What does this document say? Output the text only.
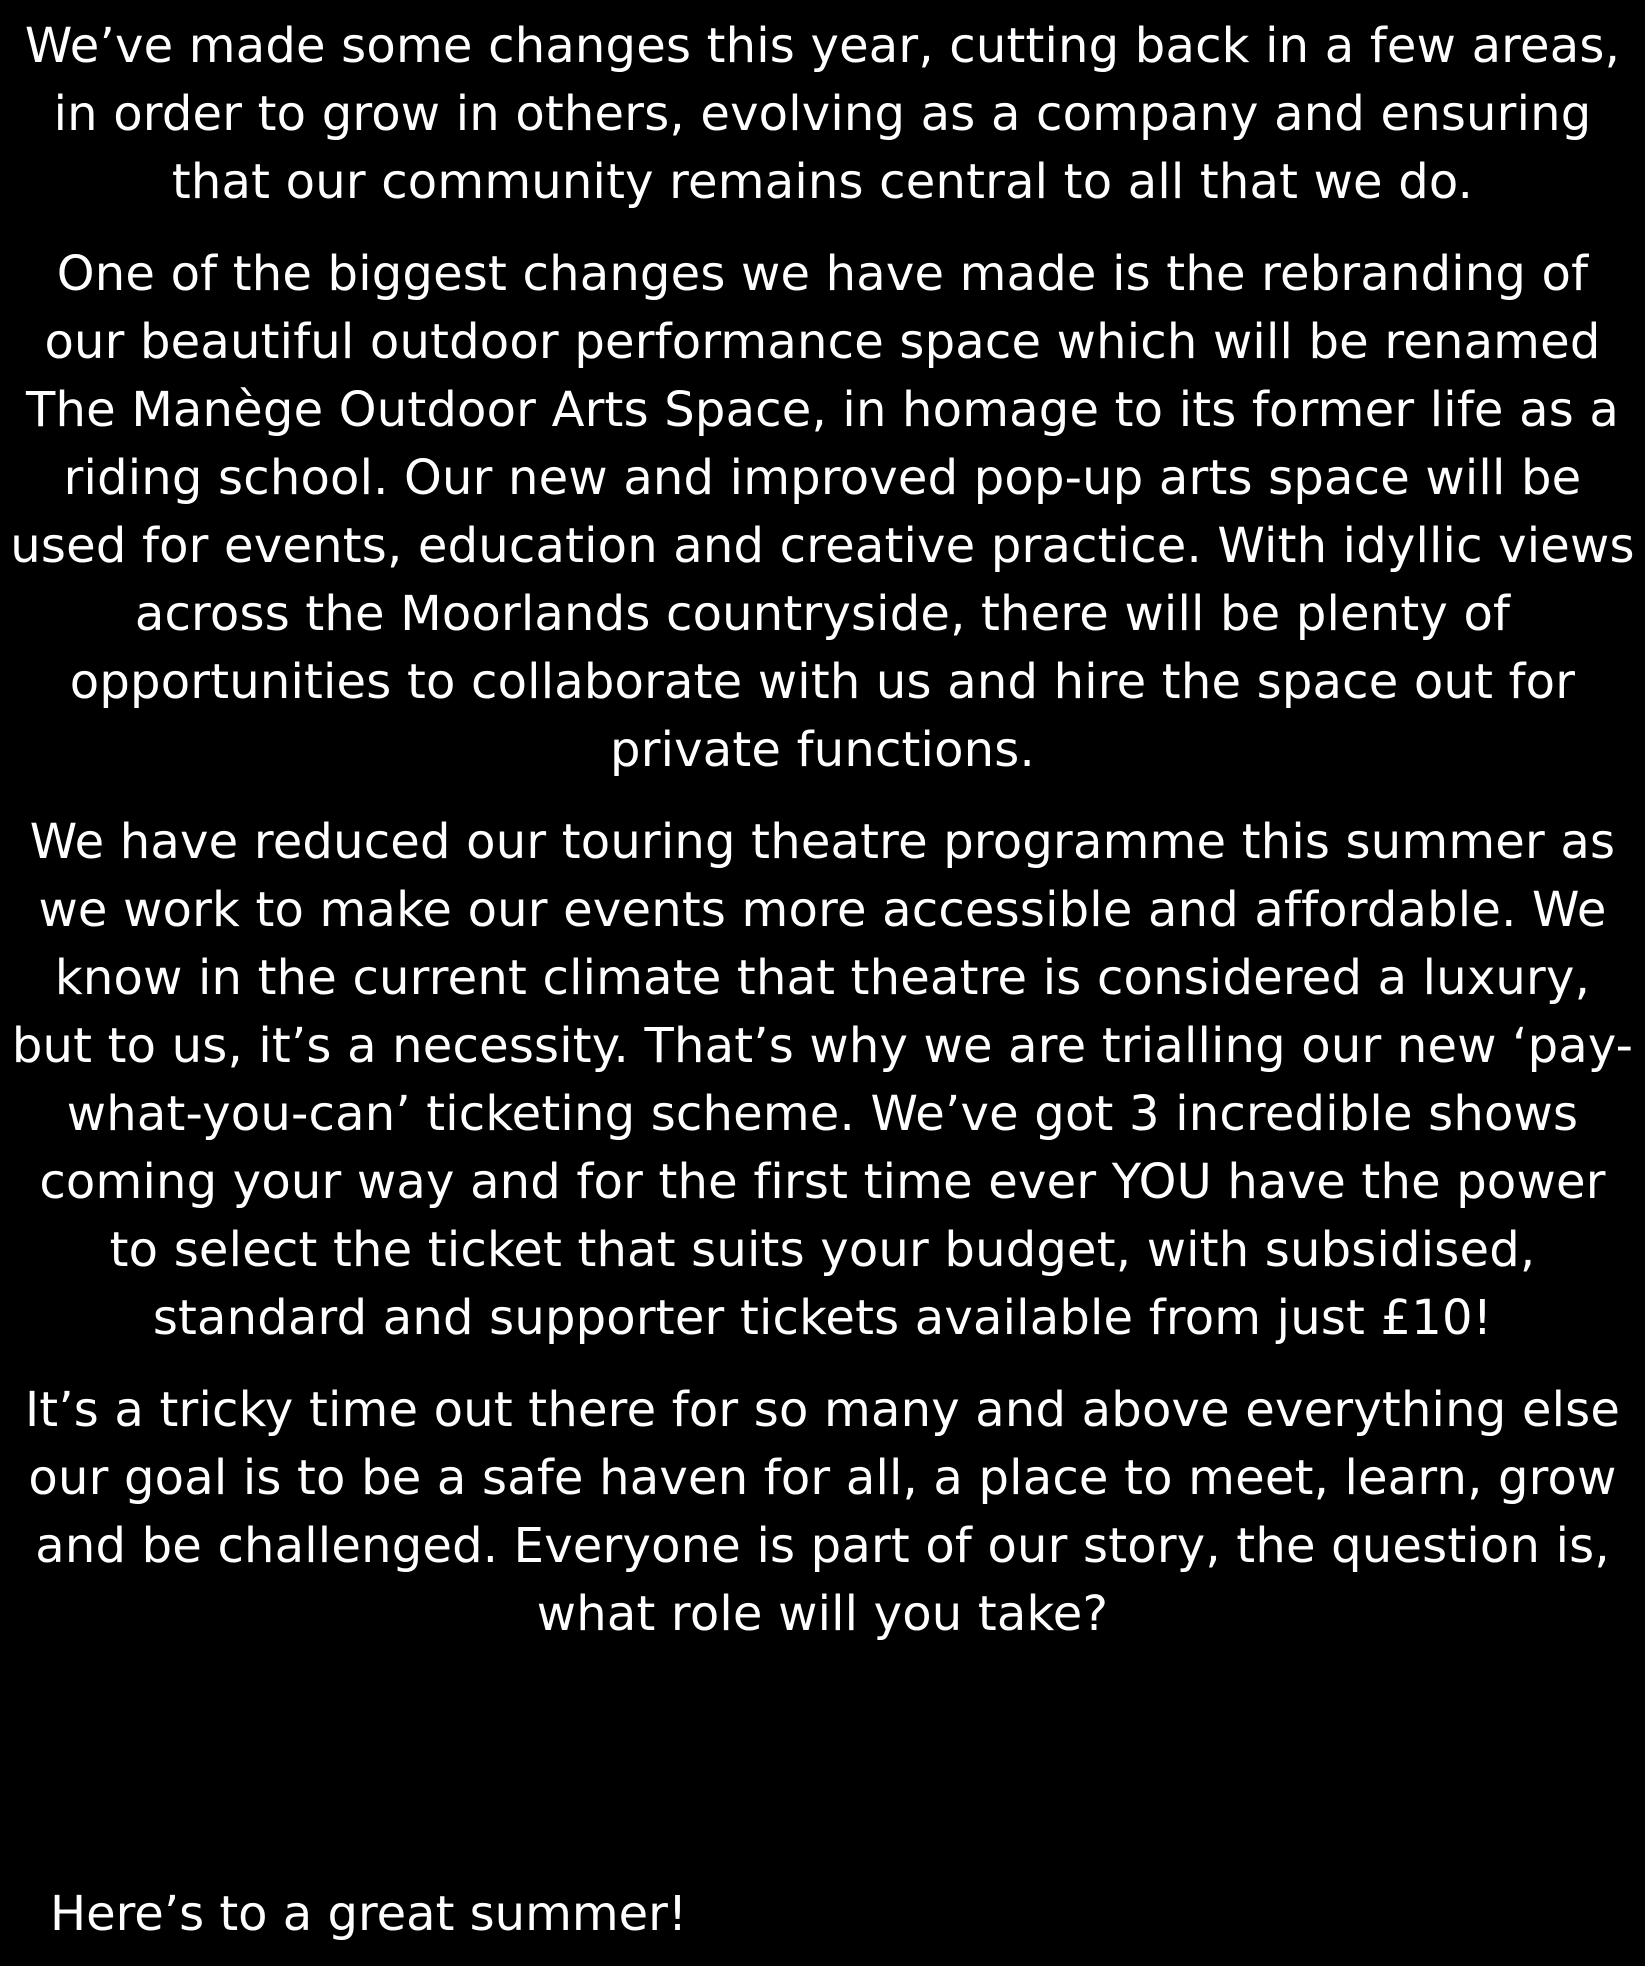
We’ve made some changes this year, cutting back in a few areas, in order to grow in others, evolving as a company and ensuring that our community remains central to all that we do.

One of the biggest changes we have made is the rebranding of our beautiful outdoor performance space which will be renamed The Manège Outdoor Arts Space, in homage to its former life as a riding school. Our new and improved pop-up arts space will be used for events, education and creative practice. With idyllic views across the Moorlands countryside, there will be plenty of opportunities to collaborate with us and hire the space out for private functions.

We have reduced our touring theatre programme this summer as we work to make our events more accessible and affordable. We know in the current climate that theatre is considered a luxury, but to us, it’s a necessity. That’s why we are trialling our new ‘pay-what-you-can’ ticketing scheme. We’ve got 3 incredible shows coming your way and for the first time ever YOU have the power to select the ticket that suits your budget, with subsidised, standard and supporter tickets available from just £10!

It’s a tricky time out there for so many and above everything else our goal is to be a safe haven for all, a place to meet, learn, grow and be challenged. Everyone is part of our story, the question is, what role will you take?

Here’s to a great summer!
